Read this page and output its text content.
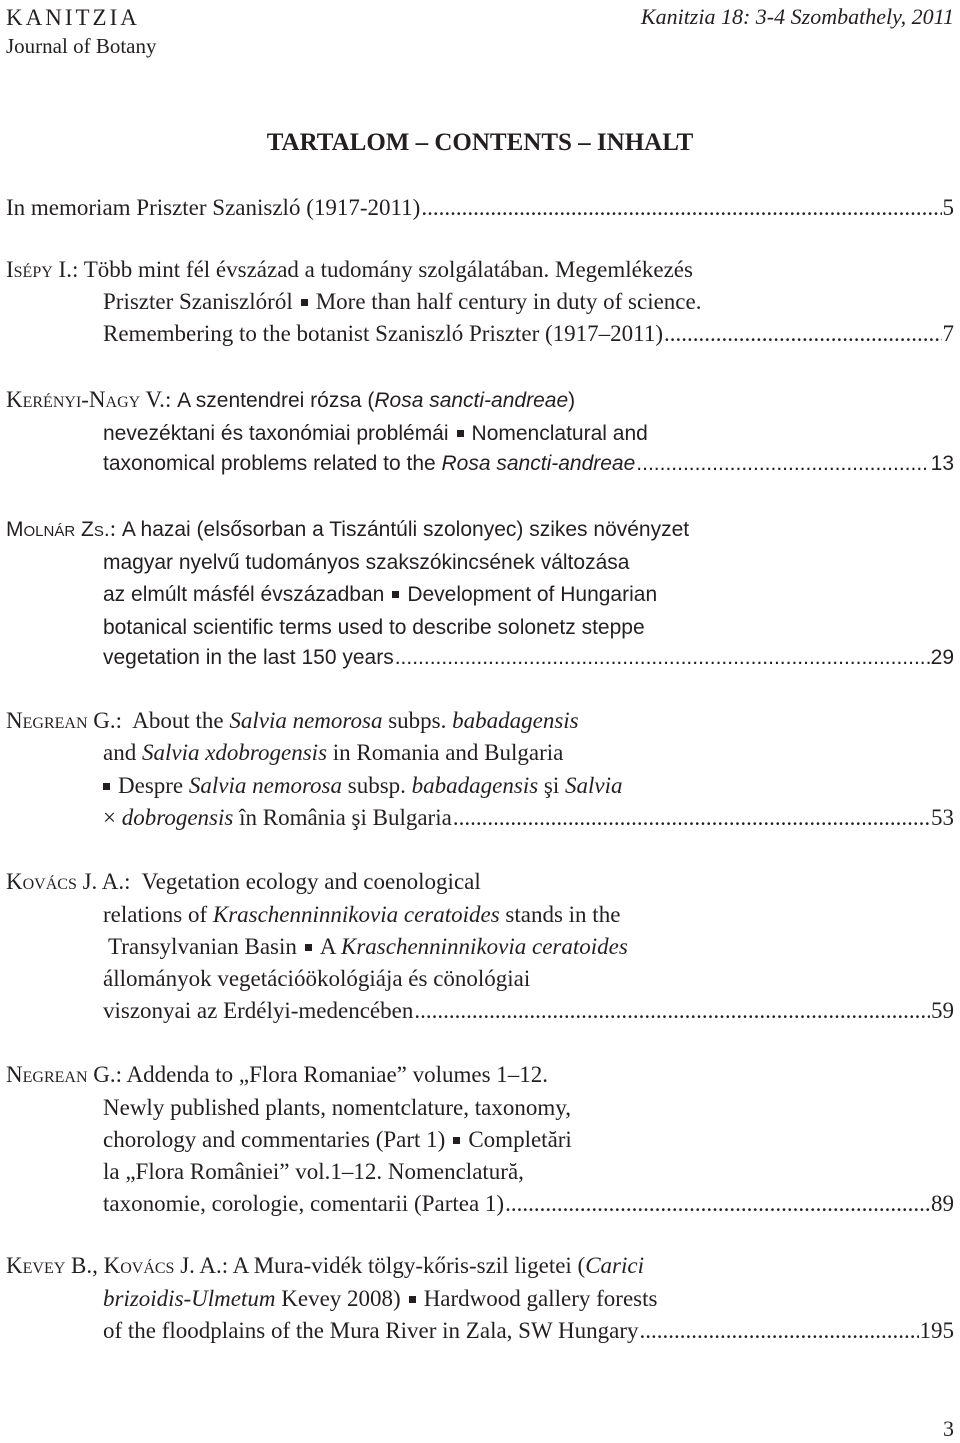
KANITZIA
Journal of Botany
Kanitzia 18: 3-4 Szombathely, 2011
TARTALOM – CONTENTS – INHALT
In memoriam Priszter Szaniszló (1917-2011) .....	5
Isépy I.: Több mint fél évszázad a tudomány szolgálatában. Megemlékezés
Priszter Szaniszlóról More than half century in duty of science.
Remembering to the botanist Szaniszló Priszter (1917–2011) .....	7
Kerényi-Nagy V.: A szentendrei rózsa (Rosa sancti-andreae)
nevezéktani és taxonómiai problémái Nomenclatural and
taxonomical problems related to the Rosa sancti-andreae .....	13
Molnár Zs.: A hazai (elsősorban a Tiszántúli szolonyec) szikes növényzet
magyar nyelvű tudományos szakszókincsének változása
az elmúlt másfél évszázadban Development of Hungarian
botanical scientific terms used to describe solonetz steppe
vegetation in the last 150 years .....	29
Negrean G.:  About the Salvia nemorosa subps. babadagensis
and Salvia xdobrogensis in Romania and Bulgaria
Despre Salvia nemorosa subsp. babadagensis şi Salvia
× dobrogensis în România şi Bulgaria .....	53
Kovács J. A.:  Vegetation ecology and coenological
relations of Kraschenninnikovia ceratoides stands in the
Transylvanian Basin A Kraschenninnikovia ceratoides
állományok vegetációökológiája és cönológiai
viszonyai az Erdélyi-medencében .....	59
Negrean G.: Addenda to „Flora Romaniae” volumes 1–12.
Newly published plants, nomentclature, taxonomy,
chorology and commentaries (Part 1) Completări
la „Flora României” vol.1–12. Nomenclatură,
taxonomie, corologie, comentarii (Partea 1) .....	89
Kevey B., Kovács J. A.: A Mura-vidék tölgy-kőris-szil ligetei (Carici
brizoidis-Ulmetum Kevey 2008) Hardwood gallery forests
of the floodplains of the Mura River in Zala, SW Hungary .....	195
3
